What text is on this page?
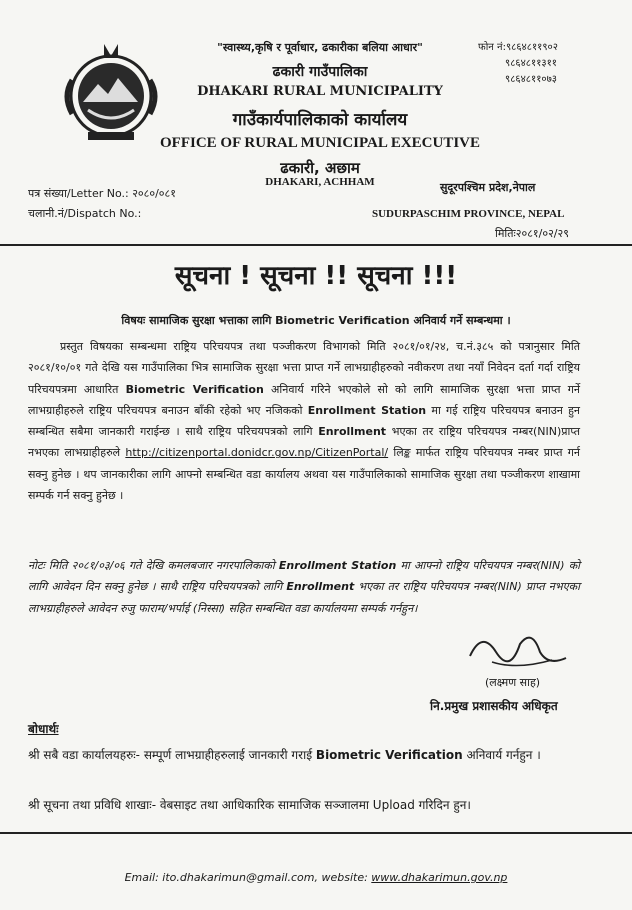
"स्वास्थ्य,कृषि र पूर्वाधार, ढकारीका बलिया आधार"
ढकारी गाउँपालिका
DHAKARI RURAL MUNICIPALITY
गाउँकार्यपालिकाको कार्यालय
OFFICE OF RURAL MUNICIPAL EXECUTIVE
ढकारी, अछाम
DHAKARI, ACHHAM
फोन नं:९८६४८११९०२
९८६४८११३११
९८६४८११०७३
पत्र संख्या/Letter No.: २०८०/०८१
चलानी.नं/Dispatch No.:
सुदूरपश्चिम प्रदेश,नेपाल
SUDURPASCHIM PROVINCE, NEPAL
मितिः२०८१/०२/२९
सूचना ! सूचना !! सूचना !!!
विषयः सामाजिक सुरक्षा भत्ताका लागि Biometric Verification अनिवार्य गर्ने सम्बन्धमा ।
प्रस्तुत विषयका सम्बन्धमा राष्ट्रिय परिचयपत्र तथा पञ्जीकरण विभागको मिति २०८१/०१/२४, च.नं.३८५ को पत्रानुसार मिति २०८१/१०/०१ गते देखि यस गाउँपालिका भित्र सामाजिक सुरक्षा भत्ता प्राप्त गर्ने लाभग्राहीहरुको नवीकरण तथा नयाँ निवेदन दर्ता गर्दा राष्ट्रिय परिचयपत्रमा आधारित Biometric Verification अनिवार्य गरिने भएकोले सो को लागि सामाजिक सुरक्षा भत्ता प्राप्त गर्ने लाभग्राहीहरुले राष्ट्रिय परिचयपत्र बनाउन बाँकी रहेको भए नजिकको Enrollment Station मा गई राष्ट्रिय परिचयपत्र बनाउन हुन सम्बन्धित सबैमा जानकारी गराईन्छ । साथै राष्ट्रिय परिचयपत्रको लागि Enrollment भएका तर राष्ट्रिय परिचयपत्र नम्बर(NIN)प्राप्त नभएका लाभग्राहीहरुले http://citizenportal.donidcr.gov.np/CitizenPortal/ लिङ्क मार्फत राष्ट्रिय परिचयपत्र नम्बर प्राप्त गर्न सक्नु हुनेछ । थप जानकारीका लागि आफ्नो सम्बन्धित वडा कार्यालय अथवा यस गाउँपालिकाको सामाजिक सुरक्षा तथा पञ्जीकरण शाखामा सम्पर्क गर्न सक्नु हुनेछ ।
नोटः मिति २०८१/०३/०६ गते देखि कमलबजार नगरपालिकाको Enrollment Station मा आफ्नो राष्ट्रिय परिचयपत्र नम्बर(NIN) को लागि आवेदन दिन सक्नु हुनेछ । साथै राष्ट्रिय परिचयपत्रको लागि Enrollment भएका तर राष्ट्रिय परिचयपत्र नम्बर(NIN) प्राप्त नभएका लाभग्राहीहरुले आवेदन रुजु फाराम/भर्पाई (निस्सा) सहित सम्बन्धित वडा कार्यालयमा सम्पर्क गर्नहुन।
(लक्ष्मण साह)
नि.प्रमुख प्रशासकीय अधिकृत
बोधार्थः
श्री सबै वडा कार्यालयहरुः- सम्पूर्ण लाभग्राहीहरुलाई जानकारी गराई Biometric Verification अनिवार्य गर्नहुन ।
श्री सूचना तथा प्रविधि शाखाः- वेबसाइट तथा आधिकारिक सामाजिक सञ्जालमा Upload गरिदिन हुन।
Email: ito.dhakarimun@gmail.com, website: www.dhakarimun.gov.np
